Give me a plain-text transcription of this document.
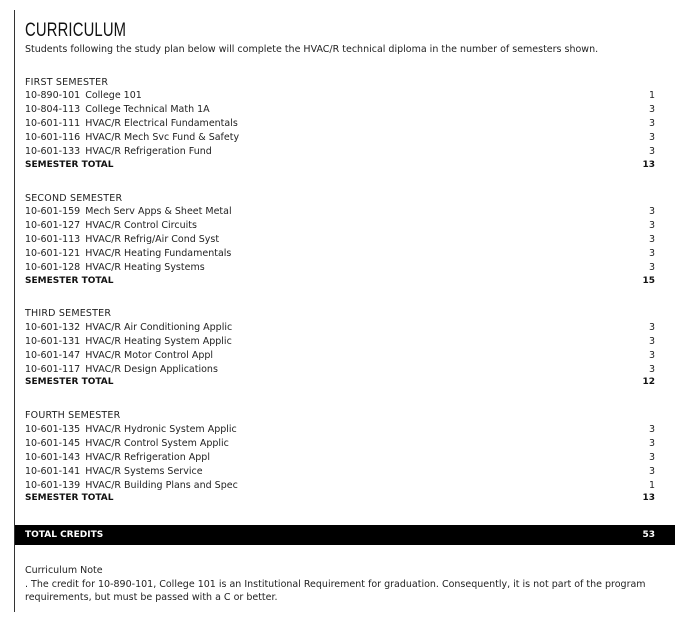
CURRICULUM
Students following the study plan below will complete the HVAC/R technical diploma in the number of semesters shown.
FIRST SEMESTER
10-890-101 College 101	1
10-804-113 College Technical Math 1A	3
10-601-111 HVAC/R Electrical Fundamentals	3
10-601-116 HVAC/R Mech Svc Fund & Safety	3
10-601-133 HVAC/R Refrigeration Fund	3
SEMESTER TOTAL	13
SECOND SEMESTER
10-601-159 Mech Serv Apps & Sheet Metal	3
10-601-127 HVAC/R Control Circuits	3
10-601-113 HVAC/R Refrig/Air Cond Syst	3
10-601-121 HVAC/R Heating Fundamentals	3
10-601-128 HVAC/R Heating Systems	3
SEMESTER TOTAL	15
THIRD SEMESTER
10-601-132 HVAC/R Air Conditioning Applic	3
10-601-131 HVAC/R Heating System Applic	3
10-601-147 HVAC/R Motor Control Appl	3
10-601-117 HVAC/R Design Applications	3
SEMESTER TOTAL	12
FOURTH SEMESTER
10-601-135 HVAC/R Hydronic System Applic	3
10-601-145 HVAC/R Control System Applic	3
10-601-143 HVAC/R Refrigeration Appl	3
10-601-141 HVAC/R Systems Service	3
10-601-139 HVAC/R Building Plans and Spec	1
SEMESTER TOTAL	13
TOTAL CREDITS	53
Curriculum Note
. The credit for 10-890-101, College 101 is an Institutional Requirement for graduation. Consequently, it is not part of the program requirements, but must be passed with a C or better.
